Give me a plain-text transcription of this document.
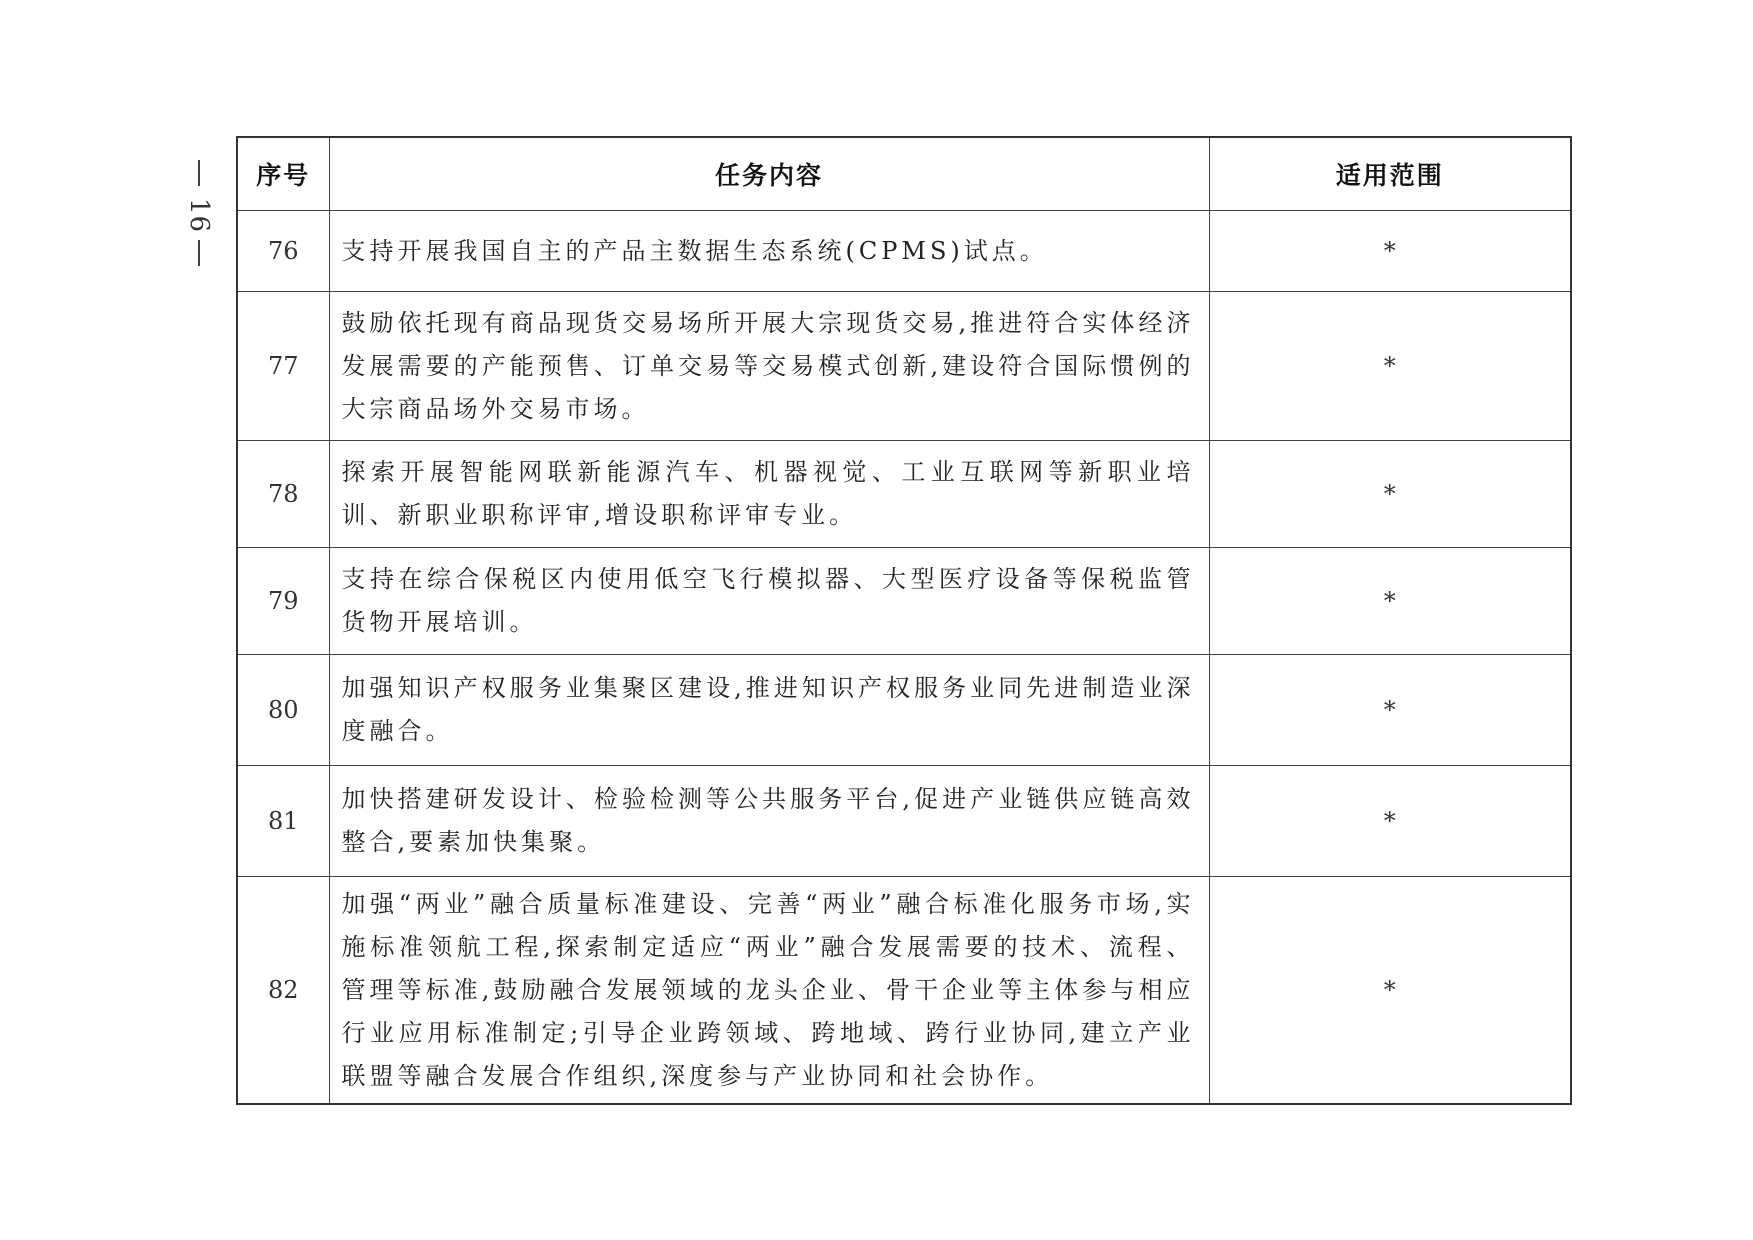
16
序号	任务内容	适用范围
76	支持开展我国自主的产品主数据生态系统(CPMS)试点。	*
77	鼓励依托现有商品现货交易场所开展大宗现货交易,推进符合实体经济发展需要的产能预售、订单交易等交易模式创新,建设符合国际惯例的大宗商品场外交易市场。	*
78	探索开展智能网联新能源汽车、机器视觉、工业互联网等新职业培训、新职业职称评审,增设职称评审专业。	*
79	支持在综合保税区内使用低空飞行模拟器、大型医疗设备等保税监管货物开展培训。	*
80	加强知识产权服务业集聚区建设,推进知识产权服务业同先进制造业深度融合。	*
81	加快搭建研发设计、检验检测等公共服务平台,促进产业链供应链高效整合,要素加快集聚。	*
82	加强“两业”融合质量标准建设、完善“两业”融合标准化服务市场,实施标准领航工程,探索制定适应“两业”融合发展需要的技术、流程、管理等标准,鼓励融合发展领域的龙头企业、骨干企业等主体参与相应行业应用标准制定;引导企业跨领域、跨地域、跨行业协同,建立产业联盟等融合发展合作组织,深度参与产业协同和社会协作。	*
